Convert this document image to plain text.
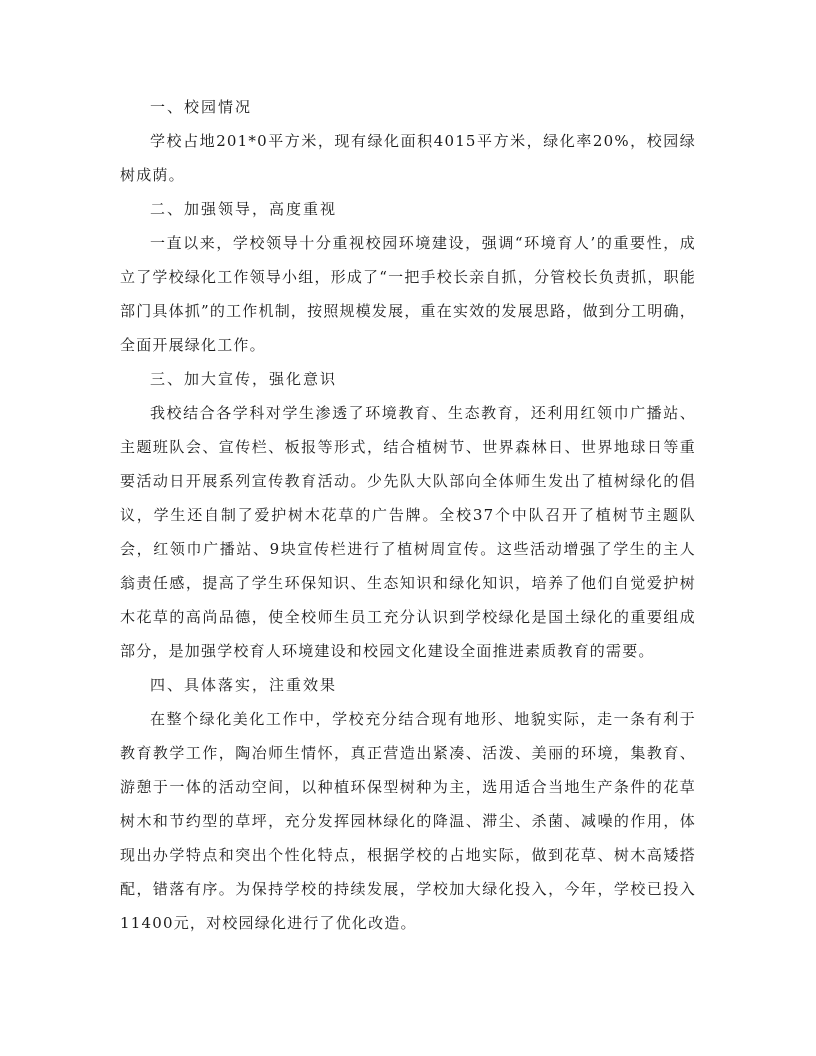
一、校园情况

学校占地201*0平方米，现有绿化面积4015平方米，绿化率20%，校园绿树成荫。

二、加强领导，高度重视

一直以来，学校领导十分重视校园环境建设，强调“环境育人’的重要性，成立了学校绿化工作领导小组，形成了“一把手校长亲自抓，分管校长负责抓，职能部门具体抓”的工作机制，按照规模发展，重在实效的发展思路，做到分工明确，全面开展绿化工作。

三、加大宣传，强化意识

我校结合各学科对学生渗透了环境教育、生态教育，还利用红领巾广播站、主题班队会、宣传栏、板报等形式，结合植树节、世界森林日、世界地球日等重要活动日开展系列宣传教育活动。少先队大队部向全体师生发出了植树绿化的倡议，学生还自制了爱护树木花草的广告牌。全校37个中队召开了植树节主题队会，红领巾广播站、9块宣传栏进行了植树周宣传。这些活动增强了学生的主人翁责任感，提高了学生环保知识、生态知识和绿化知识，培养了他们自觉爱护树木花草的高尚品德，使全校师生员工充分认识到学校绿化是国土绿化的重要组成部分，是加强学校育人环境建设和校园文化建设全面推进素质教育的需要。

四、具体落实，注重效果

在整个绿化美化工作中，学校充分结合现有地形、地貌实际，走一条有利于教育教学工作，陶冶师生情怀，真正营造出紧凑、活泼、美丽的环境，集教育、游憩于一体的活动空间，以种植环保型树种为主，选用适合当地生产条件的花草树木和节约型的草坪，充分发挥园林绿化的降温、滞尘、杀菌、减噪的作用，体现出办学特点和突出个性化特点，根据学校的占地实际，做到花草、树木高矮搭配，错落有序。为保持学校的持续发展，学校加大绿化投入，今年，学校已投入11400元，对校园绿化进行了优化改造。
